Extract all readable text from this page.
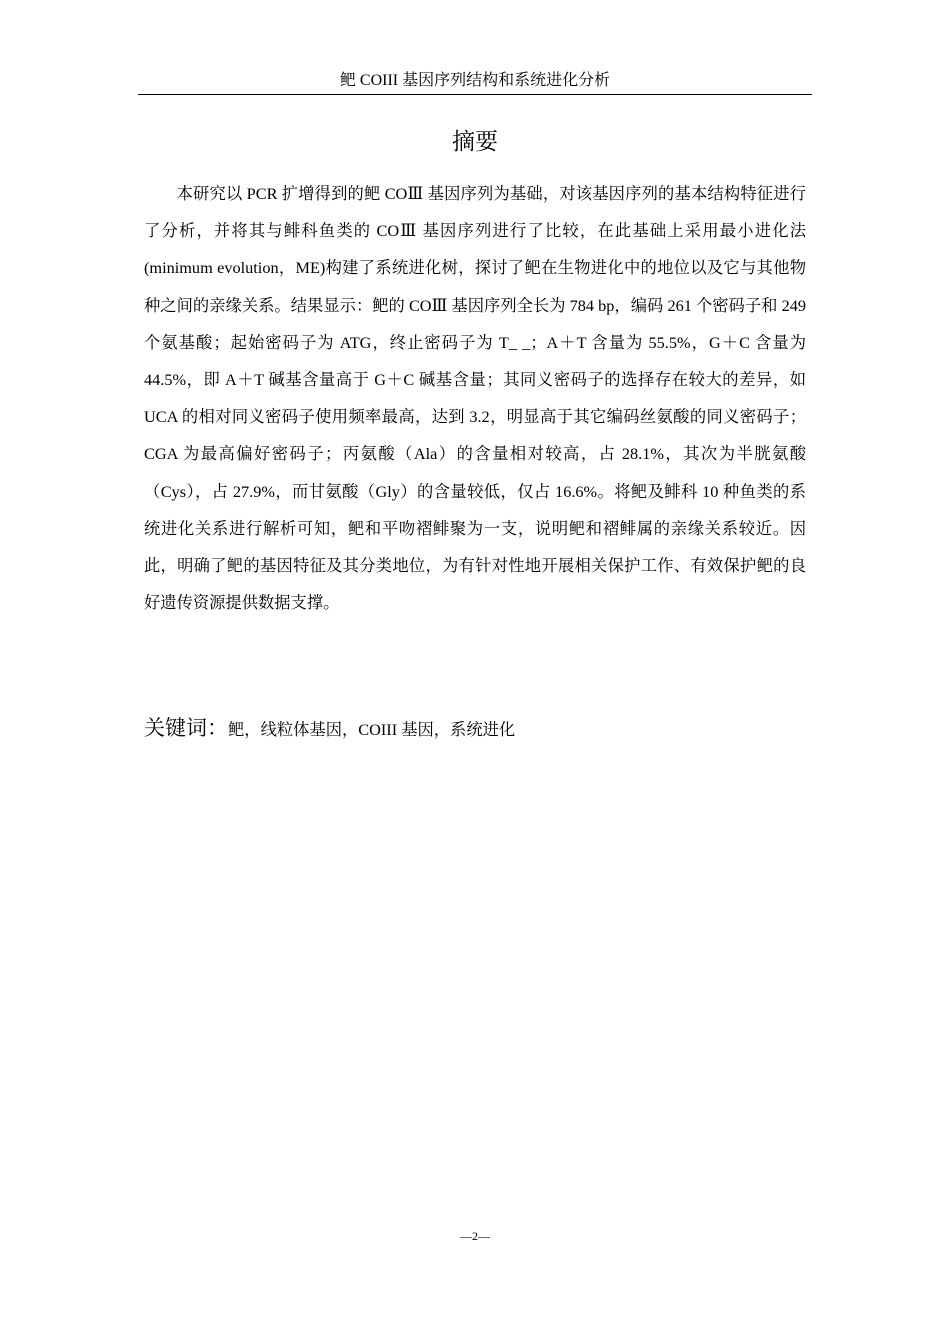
鲃 COIII 基因序列结构和系统进化分析
摘要

本研究以 PCR 扩增得到的鲃 COⅢ 基因序列为基础，对该基因序列的基本结构特征进行了分析，并将其与鲱科鱼类的 COⅢ 基因序列进行了比较，在此基础上采用最小进化法(minimum evolution，ME)构建了系统进化树，探讨了鲃在生物进化中的地位以及它与其他物种之间的亲缘关系。结果显示：鲃的 COⅢ 基因序列全长为 784 bp，编码 261 个密码子和 249 个氨基酸；起始密码子为 ATG，终止密码子为 T_ _；A＋T 含量为 55.5%，G＋C 含量为 44.5%，即 A＋T 碱基含量高于 G＋C 碱基含量；其同义密码子的选择存在较大的差异，如 UCA 的相对同义密码子使用频率最高，达到 3.2，明显高于其它编码丝氨酸的同义密码子；CGA 为最高偏好密码子；丙氨酸（Ala）的含量相对较高，占 28.1%，其次为半胱氨酸（Cys），占 27.9%，而甘氨酸（Gly）的含量较低，仅占 16.6%。将鲃及鲱科 10 种鱼类的系统进化关系进行解析可知，鲃和平吻褶鲱聚为一支，说明鲃和褶鲱属的亲缘关系较近。因此，明确了鲃的基因特征及其分类地位，为有针对性地开展相关保护工作、有效保护鲃的良好遗传资源提供数据支撑。

关键词：鲃，线粒体基因，COIII 基因，系统进化
—2—
